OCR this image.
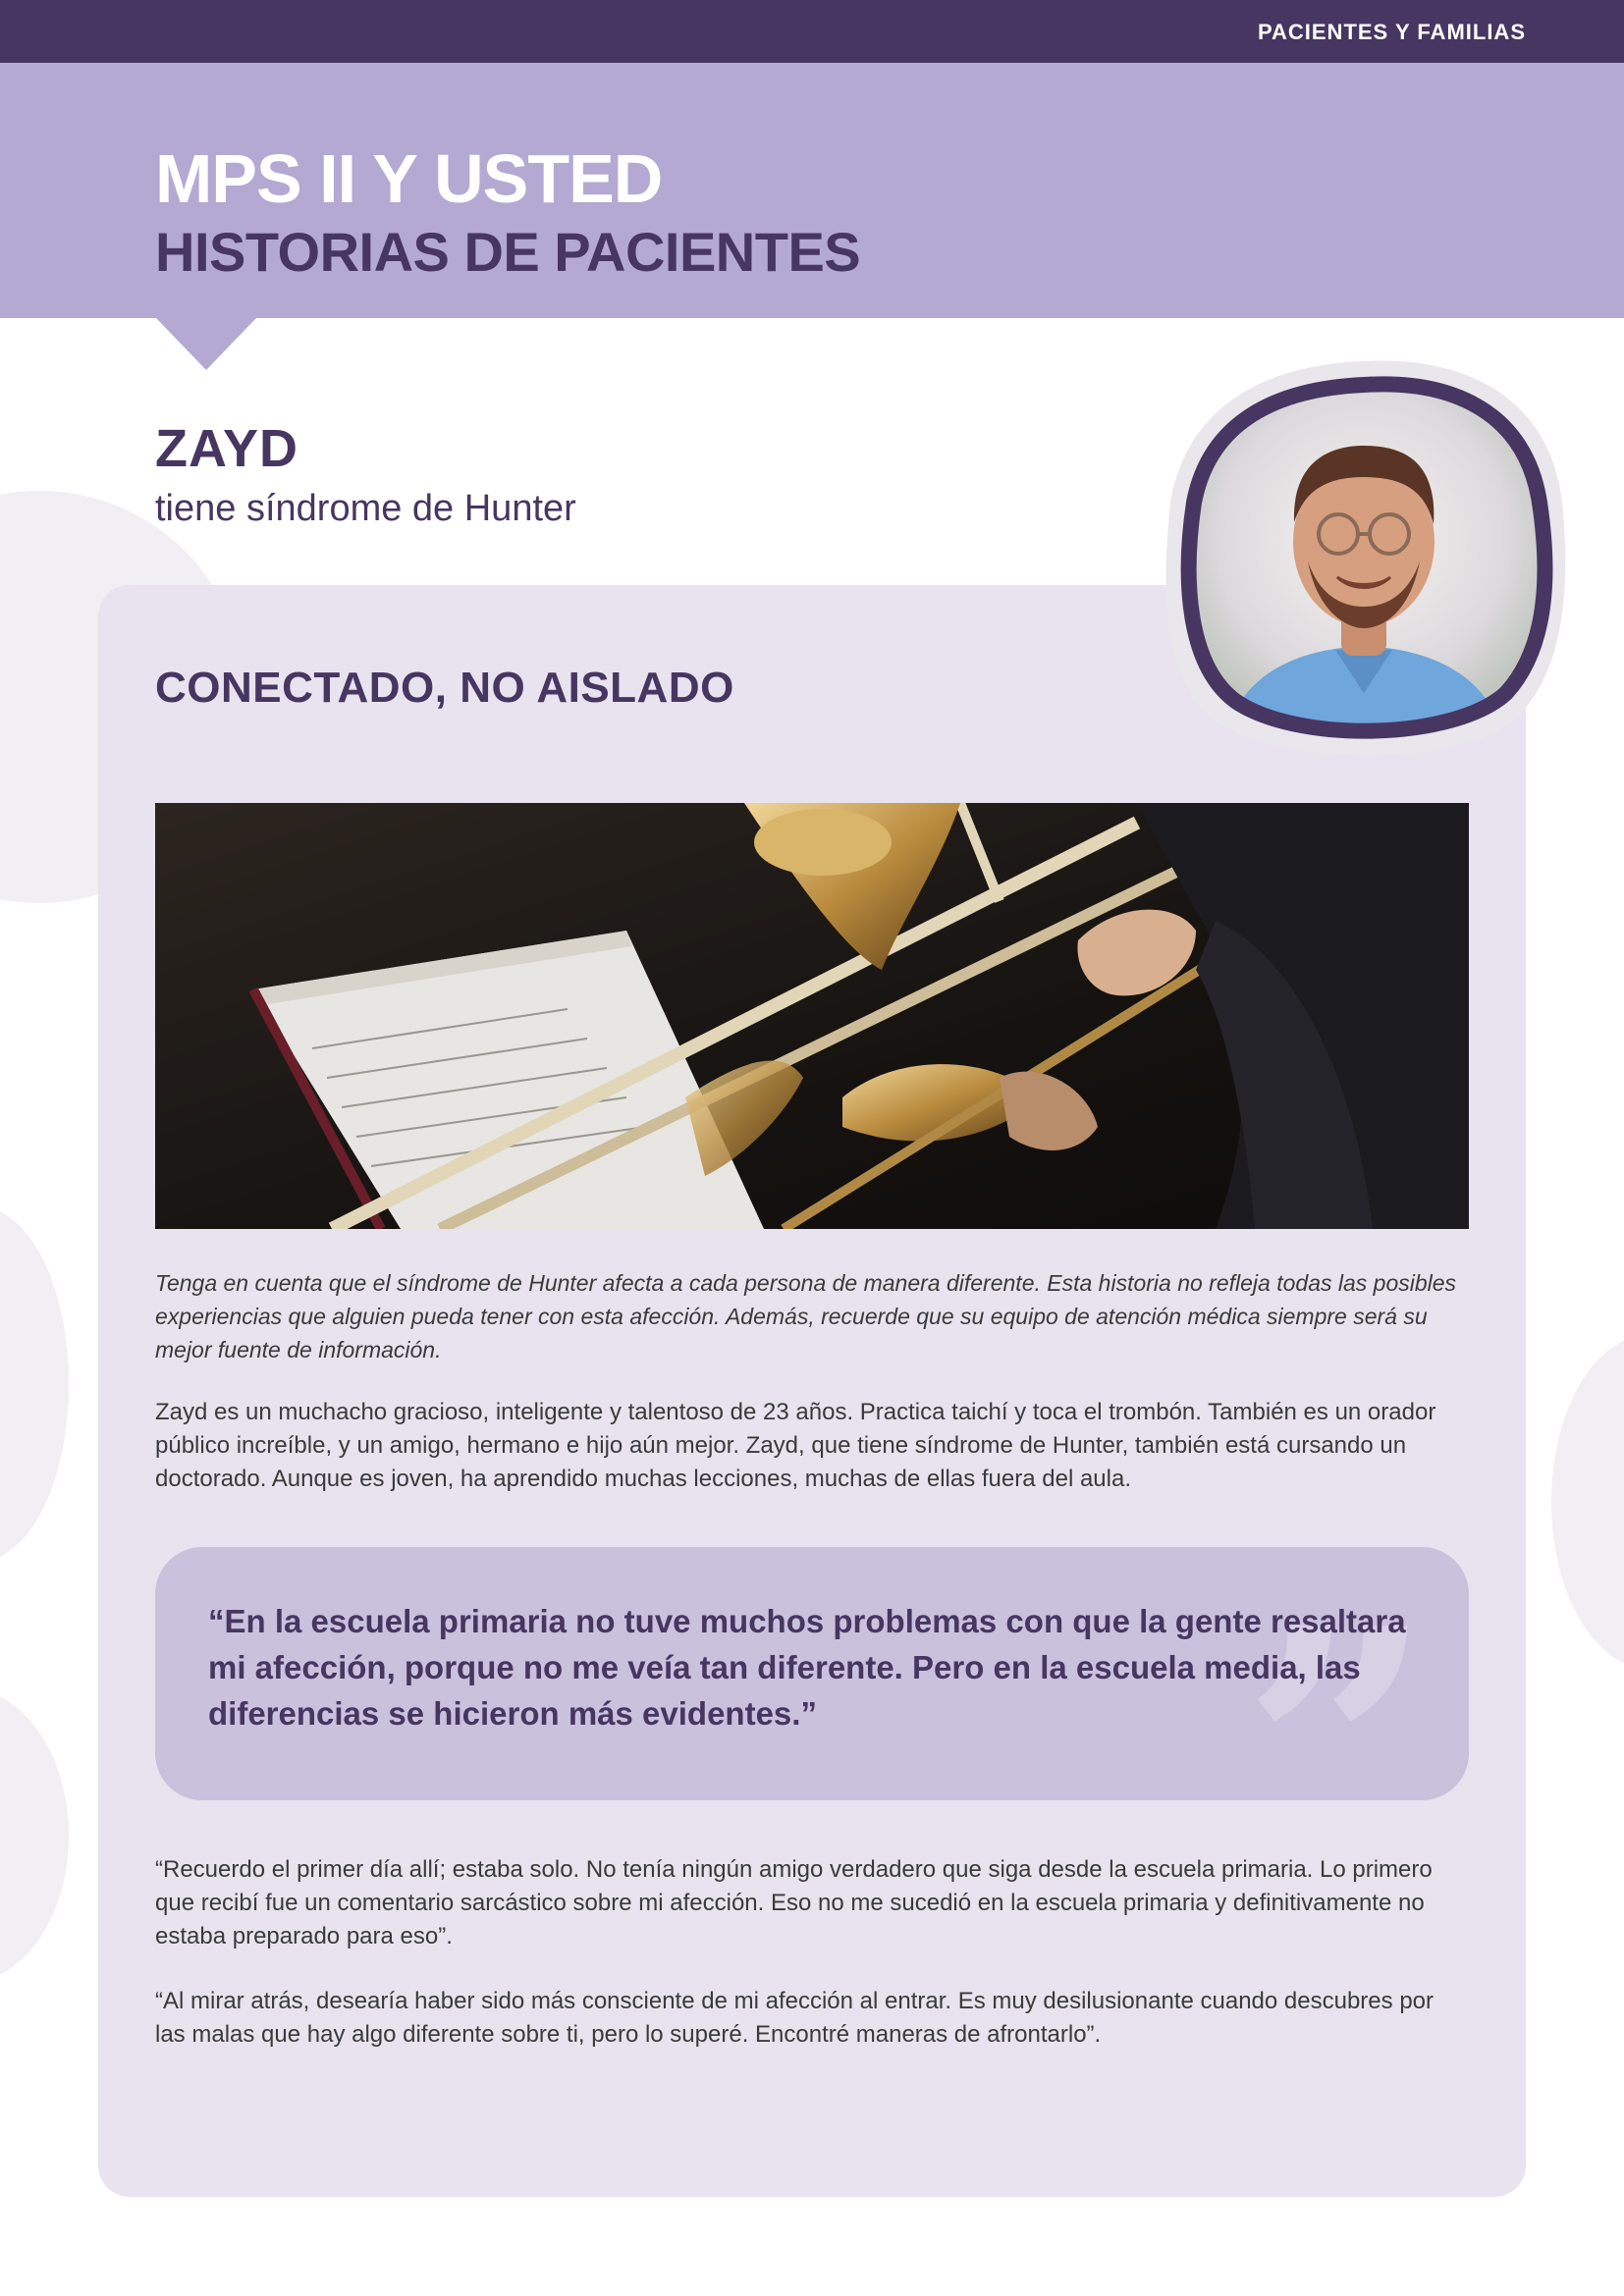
PACIENTES Y FAMILIAS
MPS II Y USTED
HISTORIAS DE PACIENTES
ZAYD
tiene síndrome de Hunter
CONECTADO, NO AISLADO
Tenga en cuenta que el síndrome de Hunter afecta a cada persona de manera diferente. Esta historia no refleja todas las posibles experiencias que alguien pueda tener con esta afección. Además, recuerde que su equipo de atención médica siempre será su mejor fuente de información.
Zayd es un muchacho gracioso, inteligente y talentoso de 23 años. Practica taichí y toca el trombón. También es un orador público increíble, y un amigo, hermano e hijo aún mejor. Zayd, que tiene síndrome de Hunter, también está cursando un doctorado. Aunque es joven, ha aprendido muchas lecciones, muchas de ellas fuera del aula.
”
“En la escuela primaria no tuve muchos problemas con que la gente resaltara mi afección, porque no me veía tan diferente. Pero en la escuela media, las diferencias se hicieron más evidentes.”
“Recuerdo el primer día allí; estaba solo. No tenía ningún amigo verdadero que siga desde la escuela primaria. Lo primero que recibí fue un comentario sarcástico sobre mi afección. Eso no me sucedió en la escuela primaria y definitivamente no estaba preparado para eso”.
“Al mirar atrás, desearía haber sido más consciente de mi afección al entrar. Es muy desilusionante cuando descubres por las malas que hay algo diferente sobre ti, pero lo superé. Encontré maneras de afrontarlo”.
